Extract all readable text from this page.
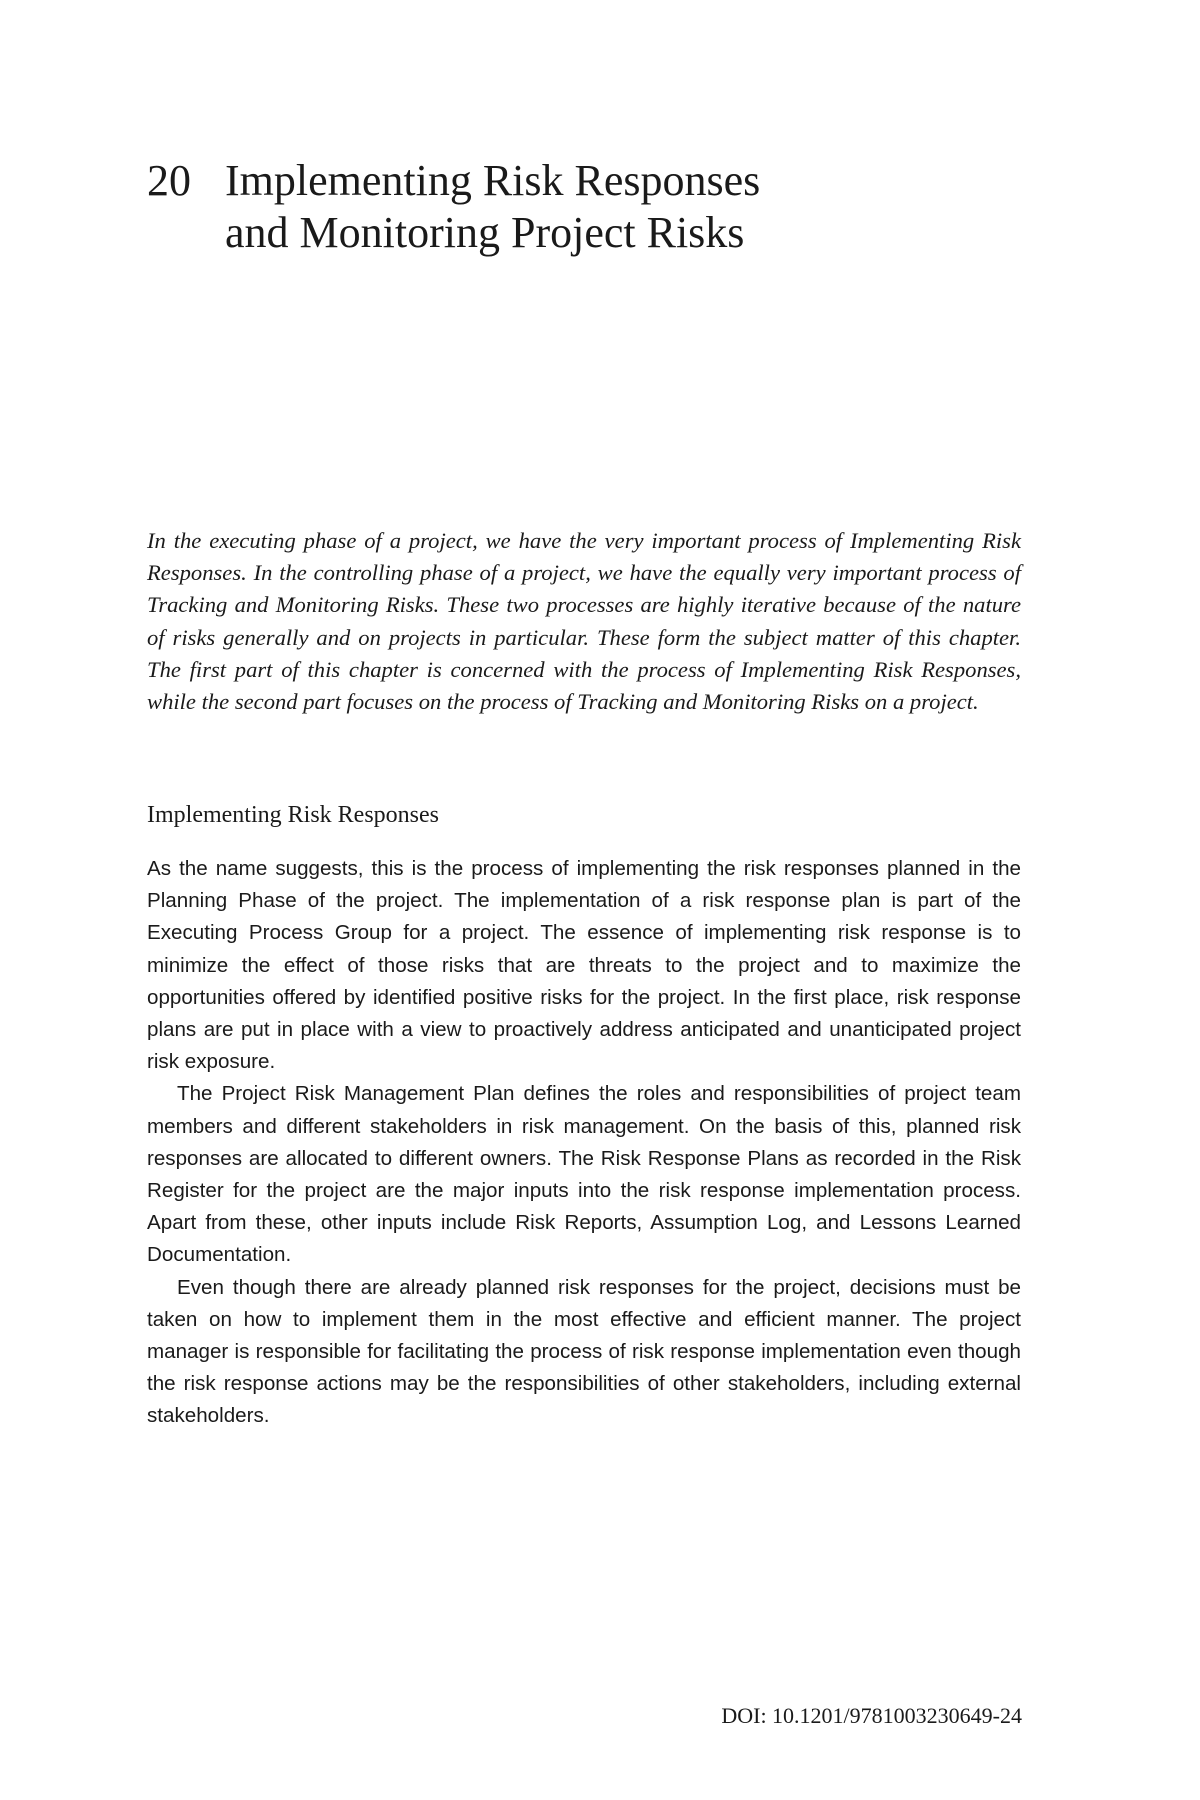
20 Implementing Risk Responses
and Monitoring Project Risks

In the executing phase of a project, we have the very important process of Implementing Risk Responses. In the controlling phase of a project, we have the equally very important process of Tracking and Monitoring Risks. These two processes are highly iterative because of the nature of risks generally and on projects in particular. These form the subject matter of this chapter. The first part of this chapter is concerned with the process of Implementing Risk Responses, while the second part focuses on the process of Tracking and Monitoring Risks on a project.

Implementing Risk Responses

As the name suggests, this is the process of implementing the risk responses planned in the Planning Phase of the project. The implementation of a risk response plan is part of the Executing Process Group for a project. The essence of implementing risk response is to minimize the effect of those risks that are threats to the project and to maximize the opportunities offered by identified positive risks for the project. In the first place, risk response plans are put in place with a view to proactively address anticipated and unanticipated project risk exposure.

The Project Risk Management Plan defines the roles and responsibilities of project team members and different stakeholders in risk management. On the basis of this, planned risk responses are allocated to different owners. The Risk Response Plans as recorded in the Risk Register for the project are the major inputs into the risk response implementation process. Apart from these, other inputs include Risk Reports, Assumption Log, and Lessons Learned Documentation.

Even though there are already planned risk responses for the project, decisions must be taken on how to implement them in the most effective and efficient manner. The project manager is responsible for facilitating the process of risk response implementation even though the risk response actions may be the responsibilities of other stakeholders, including external stakeholders.

DOI: 10.1201/9781003230649-24
